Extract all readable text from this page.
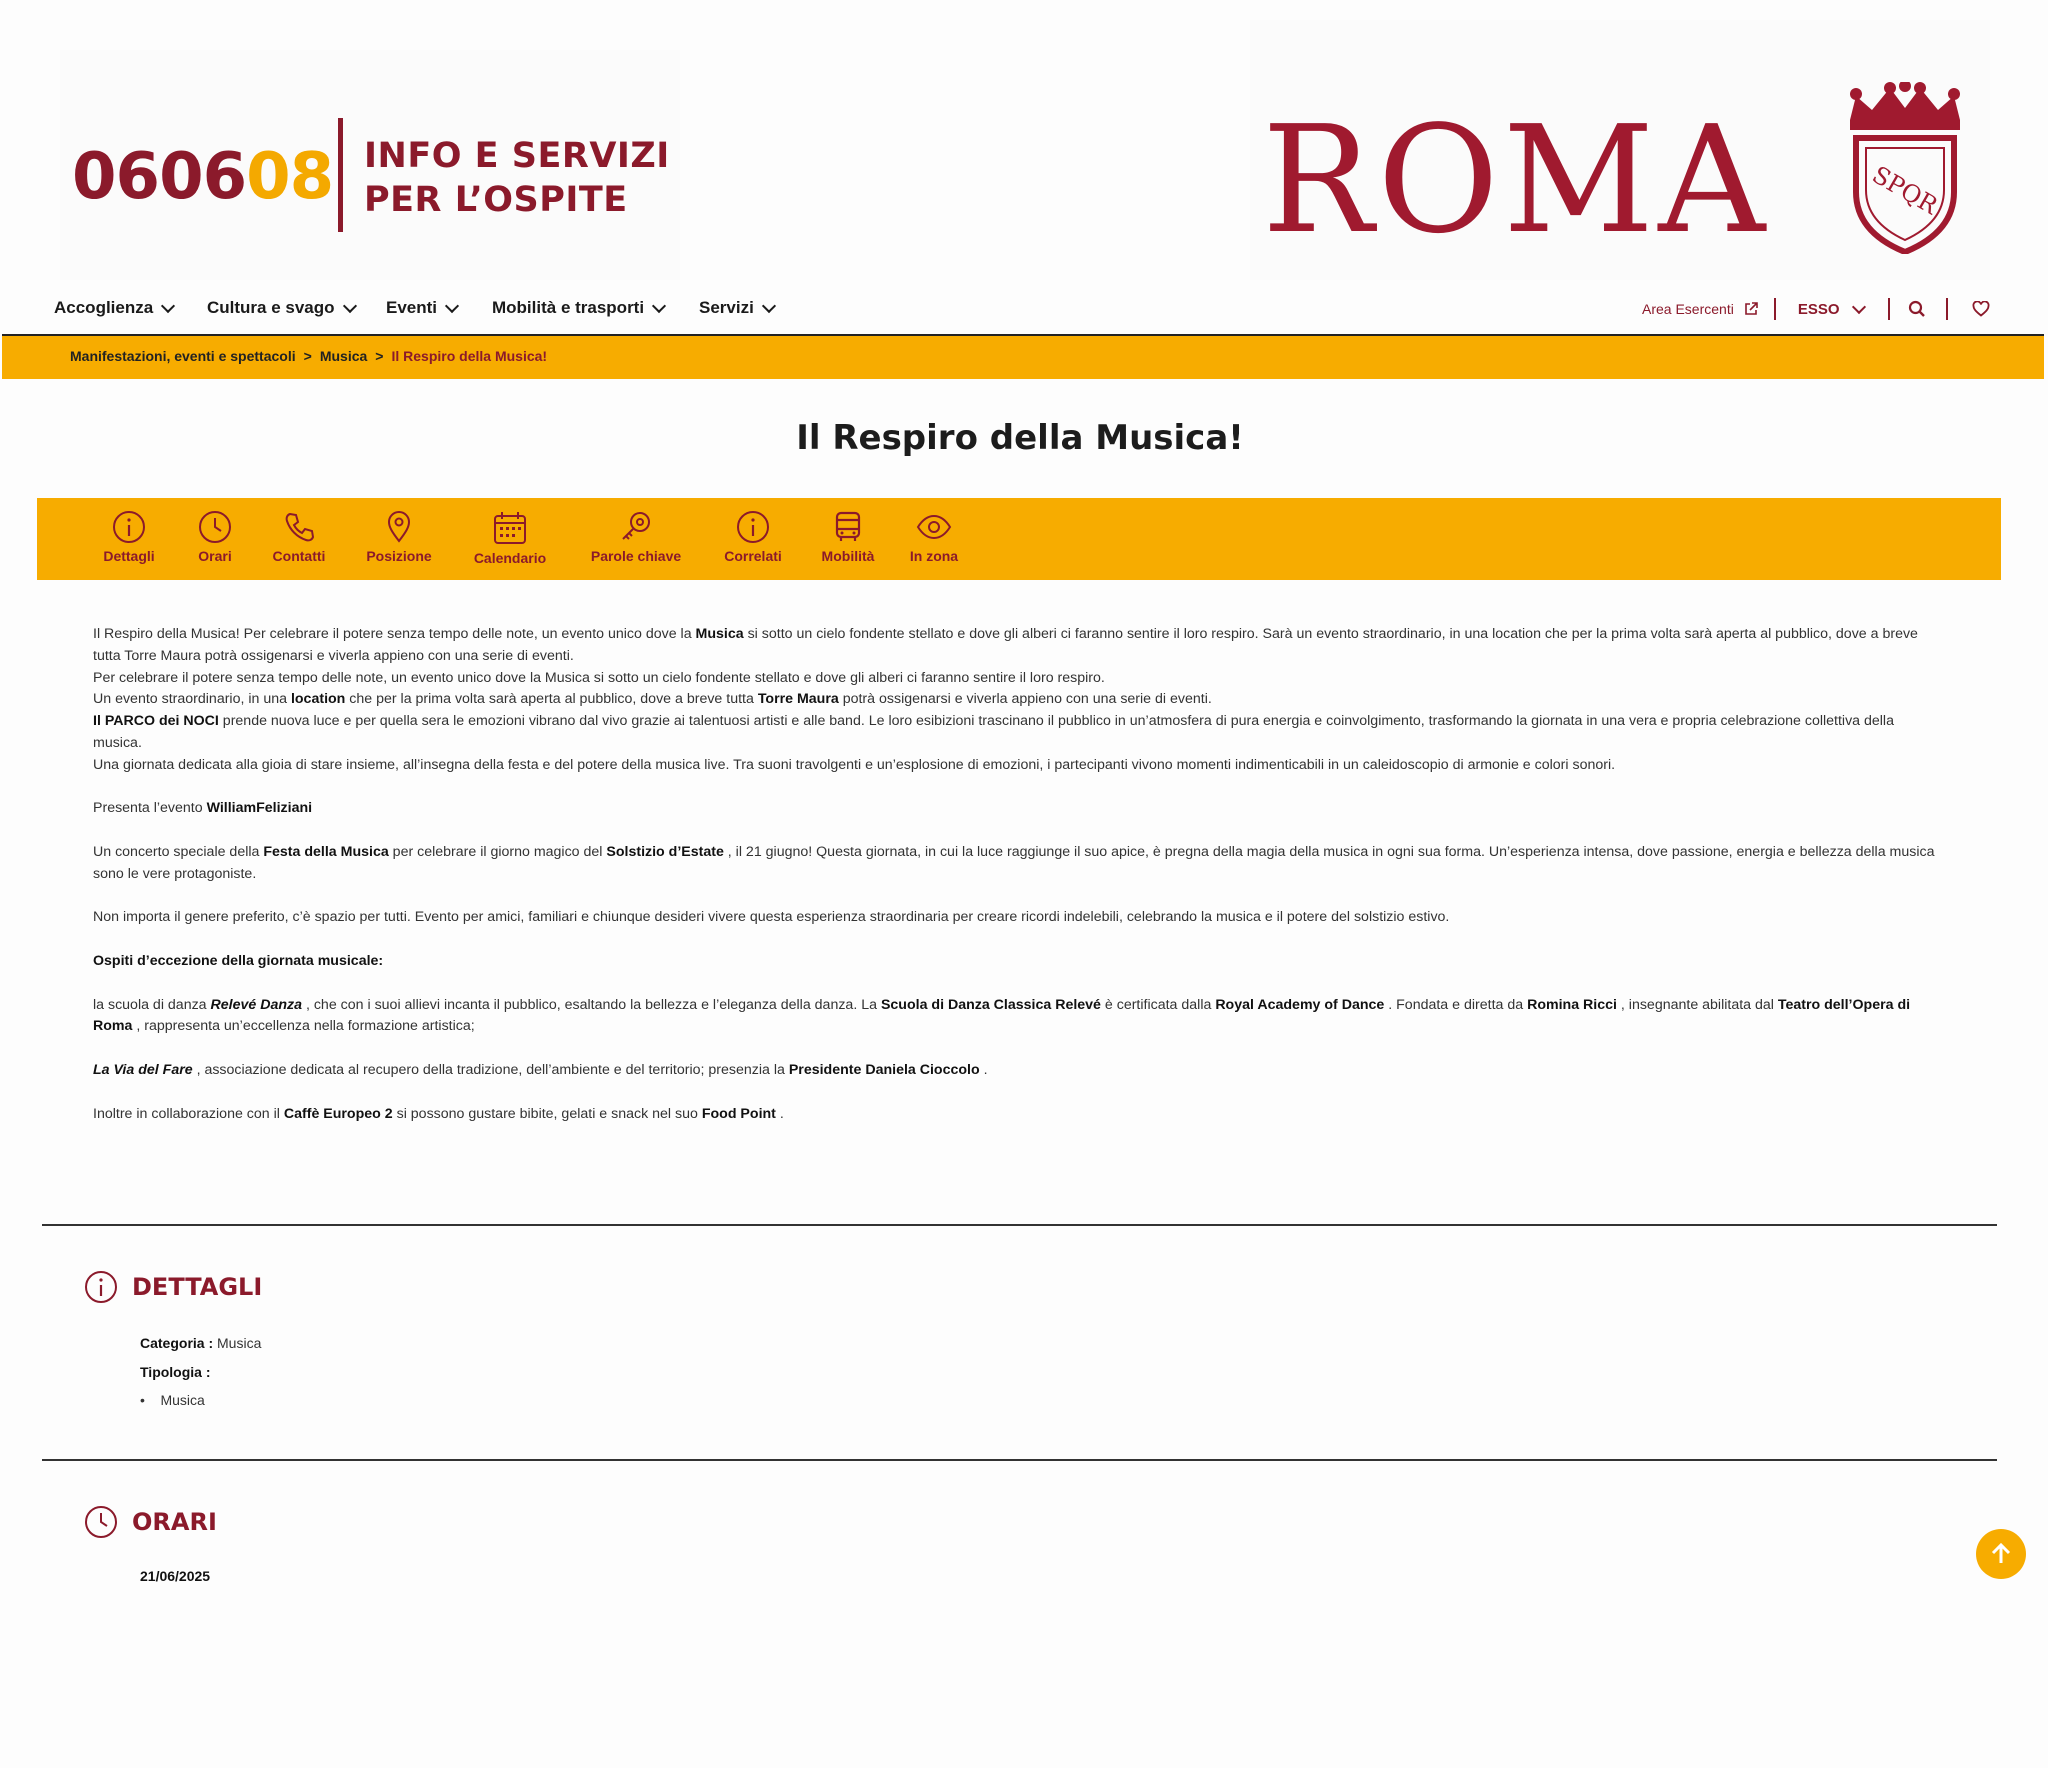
060608 INFO E SERVIZI
PER L’OSPITE	ROMA	SPQR
Accoglienza	Cultura e svago	Eventi	Mobilità e trasporti	Servizi	Area Esercenti	ESSO
Manifestazioni, eventi e spettacoli > Musica > Il Respiro della Musica!
Il Respiro della Musica!
Dettagli	Orari	Contatti	Posizione	Calendario	Parole chiave	Correlati	Mobilità	In zona

Il Respiro della Musica! Per celebrare il potere senza tempo delle note, un evento unico dove la Musica si sotto un cielo fondente stellato e dove gli alberi ci faranno sentire il loro respiro. Sarà un evento straordinario, in una location che per la prima volta sarà aperta al pubblico, dove a breve tutta Torre Maura potrà ossigenarsi e viverla appieno con una serie di eventi.

Per celebrare il potere senza tempo delle note, un evento unico dove la Musica si sotto un cielo fondente stellato e dove gli alberi ci faranno sentire il loro respiro.

Un evento straordinario, in una location che per la prima volta sarà aperta al pubblico, dove a breve tutta Torre Maura potrà ossigenarsi e viverla appieno con una serie di eventi.

Il PARCO dei NOCI prende nuova luce e per quella sera le emozioni vibrano dal vivo grazie ai talentuosi artisti e alle band. Le loro esibizioni trascinano il pubblico in un’atmosfera di pura energia e coinvolgimento, trasformando la giornata in una vera e propria celebrazione collettiva della musica.

Una giornata dedicata alla gioia di stare insieme, all’insegna della festa e del potere della musica live. Tra suoni travolgenti e un’esplosione di emozioni, i partecipanti vivono momenti indimenticabili in un caleidoscopio di armonie e colori sonori.

Presenta l’evento WilliamFeliziani

Un concerto speciale della Festa della Musica per celebrare il giorno magico del Solstizio d’Estate , il 21 giugno! Questa giornata, in cui la luce raggiunge il suo apice, è pregna della magia della musica in ogni sua forma. Un’esperienza intensa, dove passione, energia e bellezza della musica sono le vere protagoniste.

Non importa il genere preferito, c’è spazio per tutti. Evento per amici, familiari e chiunque desideri vivere questa esperienza straordinaria per creare ricordi indelebili, celebrando la musica e il potere del solstizio estivo.

Ospiti d’eccezione della giornata musicale:

la scuola di danza Relevé Danza , che con i suoi allievi incanta il pubblico, esaltando la bellezza e l’eleganza della danza. La Scuola di Danza Classica Relevé è certificata dalla Royal Academy of Dance . Fondata e diretta da Romina Ricci , insegnante abilitata dal Teatro dell’Opera di Roma , rappresenta un’eccellenza nella formazione artistica;

La Via del Fare , associazione dedicata al recupero della tradizione, dell’ambiente e del territorio; presenzia la Presidente Daniela Cioccolo .

Inoltre in collaborazione con il Caffè Europeo 2 si possono gustare bibite, gelati e snack nel suo Food Point .

DETTAGLI
Categoria : Musica
Tipologia :
•    Musica
ORARI
21/06/2025
